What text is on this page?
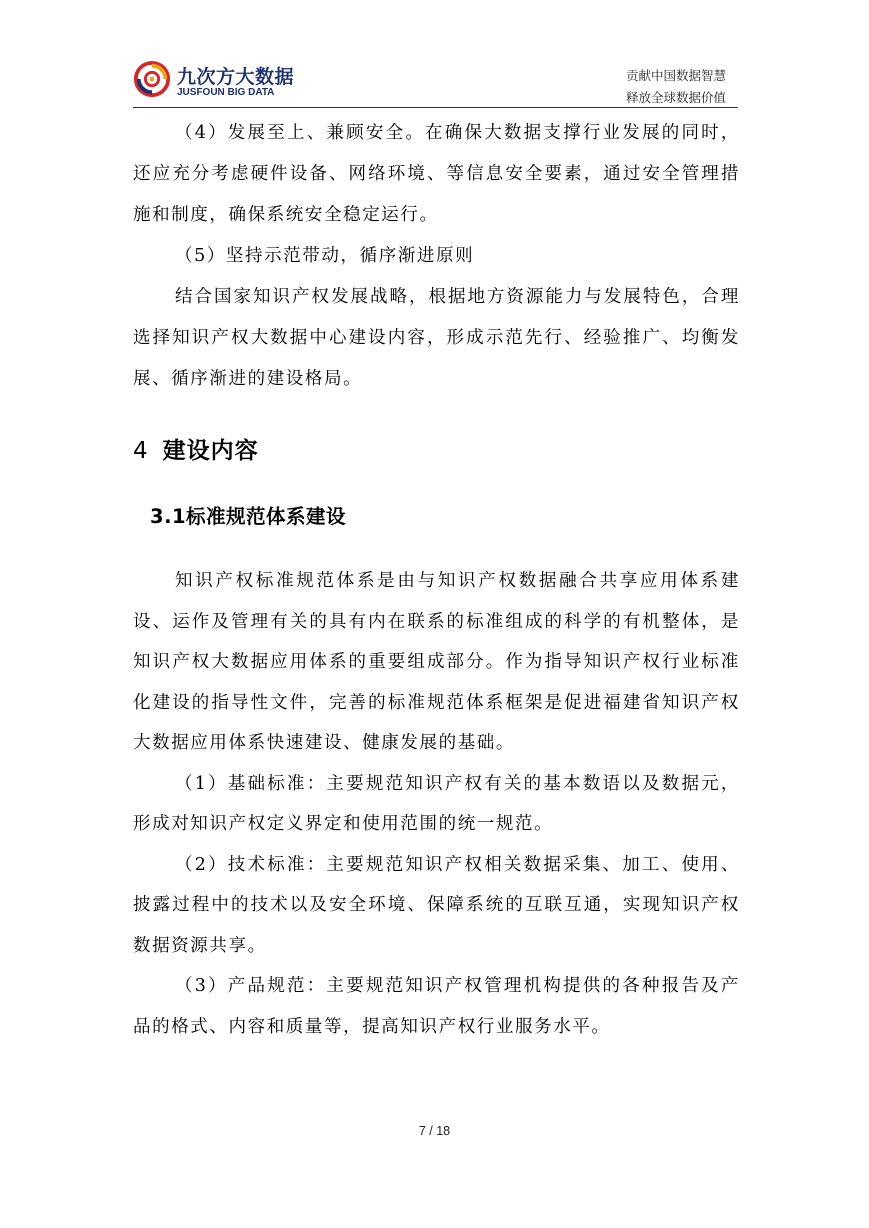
九次方大数据
JUSFOUN BIG DATA
贡献中国数据智慧
释放全球数据价值

（4）发展至上、兼顾安全。在确保大数据支撑行业发展的同时，还应充分考虑硬件设备、网络环境、等信息安全要素，通过安全管理措施和制度，确保系统安全稳定运行。

（5）坚持示范带动，循序渐进原则

结合国家知识产权发展战略，根据地方资源能力与发展特色，合理选择知识产权大数据中心建设内容，形成示范先行、经验推广、均衡发展、循序渐进的建设格局。

4 建设内容
3.1标准规范体系建设

知识产权标准规范体系是由与知识产权数据融合共享应用体系建设、运作及管理有关的具有内在联系的标准组成的科学的有机整体，是知识产权大数据应用体系的重要组成部分。作为指导知识产权行业标准化建设的指导性文件，完善的标准规范体系框架是促进福建省知识产权大数据应用体系快速建设、健康发展的基础。

（1）基础标准：主要规范知识产权有关的基本数语以及数据元，形成对知识产权定义界定和使用范围的统一规范。

（2）技术标准：主要规范知识产权相关数据采集、加工、使用、披露过程中的技术以及安全环境、保障系统的互联互通，实现知识产权数据资源共享。

（3）产品规范：主要规范知识产权管理机构提供的各种报告及产品的格式、内容和质量等，提高知识产权行业服务水平。

7 / 18
